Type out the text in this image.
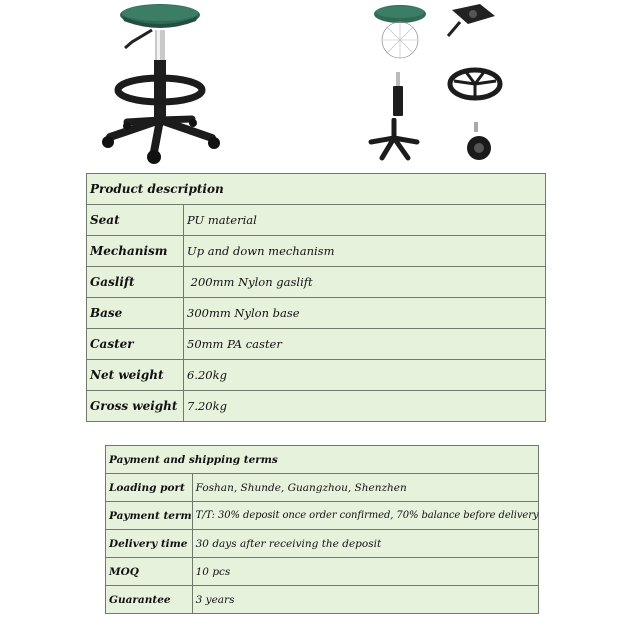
Product description	
Seat	PU material
Mechanism	Up and down mechanism
Gaslift	200mm Nylon gaslift
Base	300mm Nylon base
Caster	50mm PA caster
Net weight	6.20kg
Gross weight	7.20kg
Payment and shipping terms	
Loading port	Foshan, Shunde, Guangzhou, Shenzhen
Payment term	T/T: 30% deposit once order confirmed, 70% balance before delivery
Delivery time	30 days after receiving the deposit
MOQ	10 pcs
Guarantee	3 years
